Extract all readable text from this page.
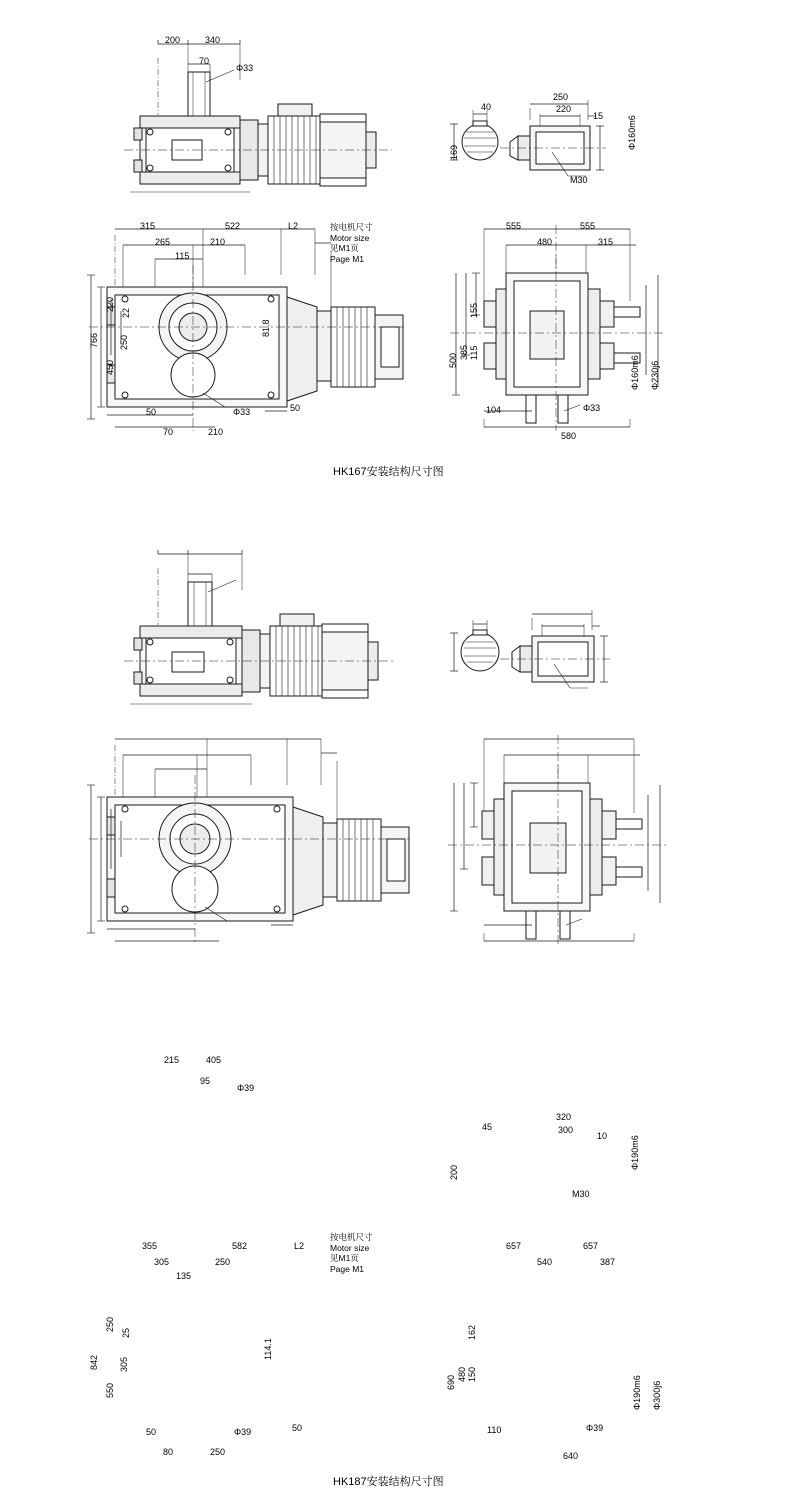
200	340
70
Φ33
40
250
220
15	Φ160m6
169
M30
315	522	L2
265	210
115
220
22
250
450
766
81.8
50	Φ33	50
70	210
按电机尺寸
Motor size
见M1页
Page M1
555	555
480	315
155
385 115
500	Φ160m6 Φ230j6
104	Φ33
580
HK167安装结构尺寸图
215	405
95
Φ39
45
320
300
10	Φ190m6
200
M30
355	582	L2
305	250
135
250
25
305
550
842
114.1
50	Φ39	50
80	250
按电机尺寸
Motor size
见M1页
Page M1
657	657
540	387
162
480 150
690	Φ190m6 Φ300j6
110	Φ39
640
HK187安装结构尺寸图
